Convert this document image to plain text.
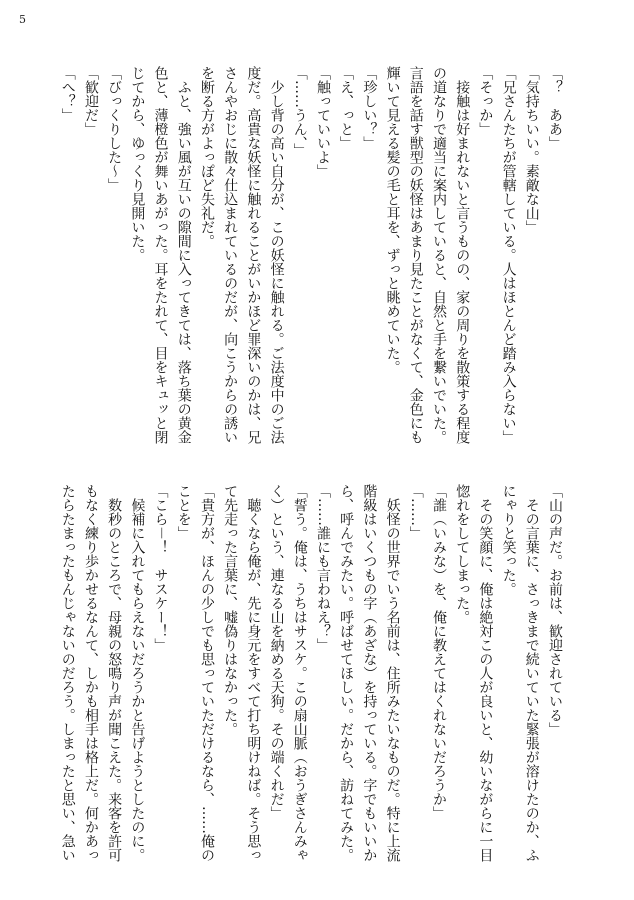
5
「？　ああ」
「気持ちいい。素敵な山」
「兄さんたちが管轄している。人はほとんど踏み入らない」
「そっか」
　接触は好まれないと言うものの、家の周りを散策する程度
の道なりで適当に案内していると、自然と手を繋いでいた。
言語を話す獣型の妖怪はあまり見たことがなくて、金色にも
輝いて見える髪の毛と耳を、ずっと眺めていた。
「珍しい？」
「え、っと」
「触っていいよ」
「……うん、」
　少し背の高い自分が、この妖怪に触れる。ご法度中のご法
度だ。高貴な妖怪に触れることがいかほど罪深いのかは、兄
さんやおじに散々仕込まれているのだが、向こうからの誘い
を断る方がよっぽど失礼だ。
　ふと、強い風が互いの隙間に入ってきては、落ち葉の黄金
色と、薄橙色が舞いあがった。耳をたれて、目をキュッと閉
じてから、ゆっくり見開いた。
「びっくりした〜」
「歓迎だ」
「へ？」
「山の声だ。お前は、歓迎されている」
　その言葉に、さっきまで続いていた緊張が溶けたのか、ふ
にゃりと笑った。
　その笑顔に、俺は絶対この人が良いと、幼いながらに一目
惚れをしてしまった。
「誰（いみな）を、俺に教えてはくれないだろうか」
「……」
　妖怪の世界でいう名前は、住所みたいなものだ。特に上流
階級はいくつもの字（あざな）を持っている。字でもいいか
ら、呼んでみたい。呼ばせてほしい。だから、訪ねてみた。
「……誰にも言わねえ？」
「誓う。俺は、うちはサスケ。この扇山脈（おうぎさんみゃ
く）という、連なる山を納める天狗。その端くれだ」
　聴くなら俺が、先に身元をすべて打ち明けねば。そう思っ
て先走った言葉に、嘘偽りはなかった。
「貴方が、ほんの少しでも思っていただけるなら、……俺の
ことを」
「こら－！　サスケー！」
　候補に入れてもらえないだろうかと告げようとしたのに。
　数秒のところで、母親の怒鳴り声が聞こえた。来客を許可
もなく練り歩かせるなんて、しかも相手は格上だ。何かあっ
たらたまったもんじゃないのだろう。しまったと思い、急い
